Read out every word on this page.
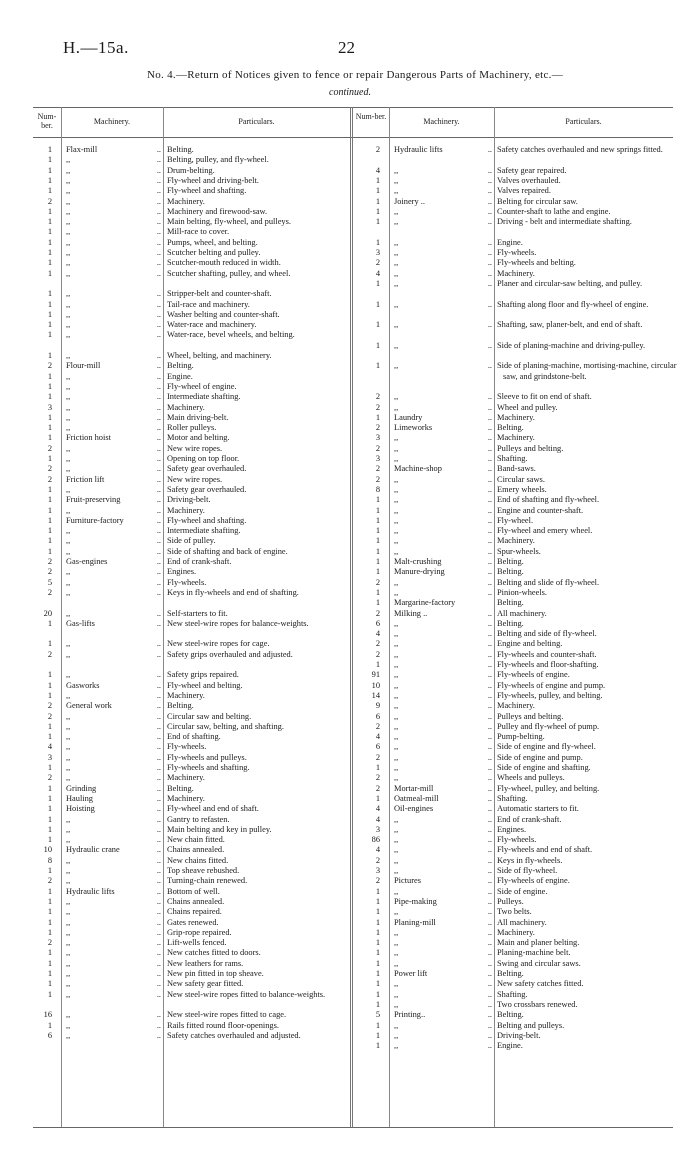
H.—15a.	22
No. 4.—Return of Notices given to fence or repair Dangerous Parts of Machinery, etc.—
continued.
Num-ber.	Machinery.	Particulars.
Num-ber.
Machinery.	Particulars.
1 Flax-mill	.. Belting.
1 ,,	.. Belting, pulley, and fly-wheel.
1 ,,	.. Drum-belting.
1 ,,	.. Fly-wheel and driving-belt.
1 ,,	.. Fly-wheel and shafting.
2 ,,	.. Machinery.
1 ,,	.. Machinery and firewood-saw.
1 ,,	.. Main belting, fly-wheel, and pulleys.
1 ,,	.. Mill-race to cover.
1 ,,	.. Pumps, wheel, and belting.
1 ,,	.. Scutcher belting and pulley.
1 ,,	.. Scutcher-mouth reduced in width.
1 ,,	.. Scutcher shafting, pulley, and wheel.
1 ,,	.. Stripper-belt and counter-shaft.
1 ,,	.. Tail-race and machinery.
1 ,,	.. Washer belting and counter-shaft.
1 ,,	.. Water-race and machinery.
1 ,,	.. Water-race, bevel wheels, and belting.
1 ,,	.. Wheel, belting, and machinery.
2 Flour-mill	.. Belting.
1 ,,	.. Engine.
1 ,,	.. Fly-wheel of engine.
1 ,,	.. Intermediate shafting.
3 ,,	.. Machinery.
1 ,,	.. Main driving-belt.
1 ,,	.. Roller pulleys.
1 Friction hoist	.. Motor and belting.
2 ,,	.. New wire ropes.
1 ,,	.. Opening on top floor.
2 ,,	.. Safety gear overhauled.
2 Friction lift	.. New wire ropes.
1 ,,	.. Safety gear overhauled.
1 Fruit-preserving	.. Driving-belt.
1 ,,	.. Machinery.
1 Furniture-factory	.. Fly-wheel and shafting.
1 ,,	.. Intermediate shafting.
1 ,,	.. Side of pulley.
1 ,,	.. Side of shafting and back of engine.
2 Gas-engines	.. End of crank-shaft.
2 ,,	.. Engines.
5 ,,	.. Fly-wheels.
2 ,,	.. Keys in fly-wheels and end of shafting.
20 ,,	.. Self-starters to fit.
1 Gas-lifts	.. New steel-wire ropes for balance-weights.
1 ,,	.. New steel-wire ropes for cage.
2 ,,	.. Safety grips overhauled and adjusted.
1 ,,	.. Safety grips repaired.
1 Gasworks	.. Fly-wheel and belting.
1 ,,	.. Machinery.
2 General work	.. Belting.
2 ,,	.. Circular saw and belting.
1 ,,	.. Circular saw, belting, and shafting.
1 ,,	.. End of shafting.
4 ,,	.. Fly-wheels.
3 ,,	.. Fly-wheels and pulleys.
1 ,,	.. Fly-wheels and shafting.
2 ,,	.. Machinery.
1 Grinding	.. Belting.
1 Hauling	.. Machinery.
1 Hoisting	.. Fly-wheel and end of shaft.
1 ,,	.. Gantry to refasten.
1 ,,	.. Main belting and key in pulley.
1 ,,	.. New chain fitted.
10 Hydraulic crane	.. Chains annealed.
8 ,,	.. New chains fitted.
1 ,,	.. Top sheave rebushed.
2 ,,	.. Turning-chain renewed.
1 Hydraulic lifts	.. Bottom of well.
1 ,,	.. Chains annealed.
1 ,,	.. Chains repaired.
1 ,,	.. Gates renewed.
1 ,,	.. Grip-rope repaired.
2 ,,	.. Lift-wells fenced.
1 ,,	.. New catches fitted to doors.
1 ,,	.. New leathers for rams.
1 ,,	.. New pin fitted in top sheave.
1 ,,	.. New safety gear fitted.
1 ,,	.. New steel-wire ropes fitted to balance-weights.
16 ,,	.. New steel-wire ropes fitted to cage.
1 ,,	.. Rails fitted round floor-openings.
6 ,,	.. Safety catches overhauled and adjusted.
2 Hydraulic lifts	.. Safety catches overhauled and new springs fitted.
4 ,,	.. Safety gear repaired.
1 ,,	.. Valves overhauled.
1 ,,	.. Valves repaired.
1 Joinery ..	.. Belting for circular saw.
1 ,,	.. Counter-shaft to lathe and engine.
1 ,,	.. Driving - belt and intermediate shafting.
1 ,,	.. Engine.
3 ,,	.. Fly-wheels.
2 ,,	.. Fly-wheels and belting.
4 ,,	.. Machinery.
1 ,,	.. Planer and circular-saw belting, and pulley.
1 ,,	.. Shafting along floor and fly-wheel of engine.
1 ,,	.. Shafting, saw, planer-belt, and end of shaft.
1 ,,	.. Side of planing-machine and driving-pulley.
1 ,,	.. Side of planing-machine, mortising-machine, circular saw, and grindstone-belt.
2 ,,	.. Sleeve to fit on end of shaft.
2 ,,	.. Wheel and pulley.
1 Laundry	.. Machinery.
2 Limeworks	.. Belting.
3 ,,	.. Machinery.
2 ,,	.. Pulleys and belting.
3 ,,	.. Shafting.
2 Machine-shop	.. Band-saws.
2 ,,	.. Circular saws.
8 ,,	.. Emery wheels.
1 ,,	.. End of shafting and fly-wheel.
1 ,,	.. Engine and counter-shaft.
1 ,,	.. Fly-wheel.
1 ,,	.. Fly-wheel and emery wheel.
1 ,,	.. Machinery.
1 ,,	.. Spur-wheels.
1 Malt-crushing	.. Belting.
1 Manure-drying	.. Belting.
2 ,,	.. Belting and slide of fly-wheel.
1 ,,	.. Pinion-wheels.
1 Margarine-factory	Belting.
2 Milking ..	.. All machinery.
6 ,,	.. Belting.
4 ,,	.. Belting and side of fly-wheel.
2 ,,	.. Engine and belting.
2 ,,	.. Fly-wheels and counter-shaft.
1 ,,	.. Fly-wheels and floor-shafting.
91 ,,	.. Fly-wheels of engine.
10 ,,	.. Fly-wheels of engine and pump.
14 ,,	.. Fly-wheels, pulley, and belting.
9 ,,	.. Machinery.
6 ,,	.. Pulleys and belting.
2 ,,	.. Pulley and fly-wheel of pump.
4 ,,	.. Pump-belting.
6 ,,	.. Side of engine and fly-wheel.
2 ,,	.. Side of engine and pump.
1 ,,	.. Side of engine and shafting.
2 ,,	.. Wheels and pulleys.
2 Mortar-mill	.. Fly-wheel, pulley, and belting.
1 Oatmeal-mill	.. Shafting.
4 Oil-engines	.. Automatic starters to fit.
4 ,,	.. End of crank-shaft.
3 ,,	.. Engines.
86 ,,	.. Fly-wheels.
4 ,,	.. Fly-wheels and end of shaft.
2 ,,	.. Keys in fly-wheels.
3 ,,	.. Side of fly-wheel.
2 Pictures	.. Fly-wheels of engine.
1 ,,	.. Side of engine.
1 Pipe-making	.. Pulleys.
1 ,,	.. Two belts.
1 Planing-mill	.. All machinery.
1 ,,	.. Machinery.
1 ,,	.. Main and planer belting.
1 ,,	.. Planing-machine belt.
1 ,,	.. Swing and circular saws.
1 Power lift	.. Belting.
1 ,,	.. New safety catches fitted.
1 ,,	.. Shafting.
1 ,,	.. Two crossbars renewed.
5 Printing..	.. Belting.
1 ,,	.. Belting and pulleys.
1 ,,	.. Driving-belt.
1 ,,	.. Engine.
